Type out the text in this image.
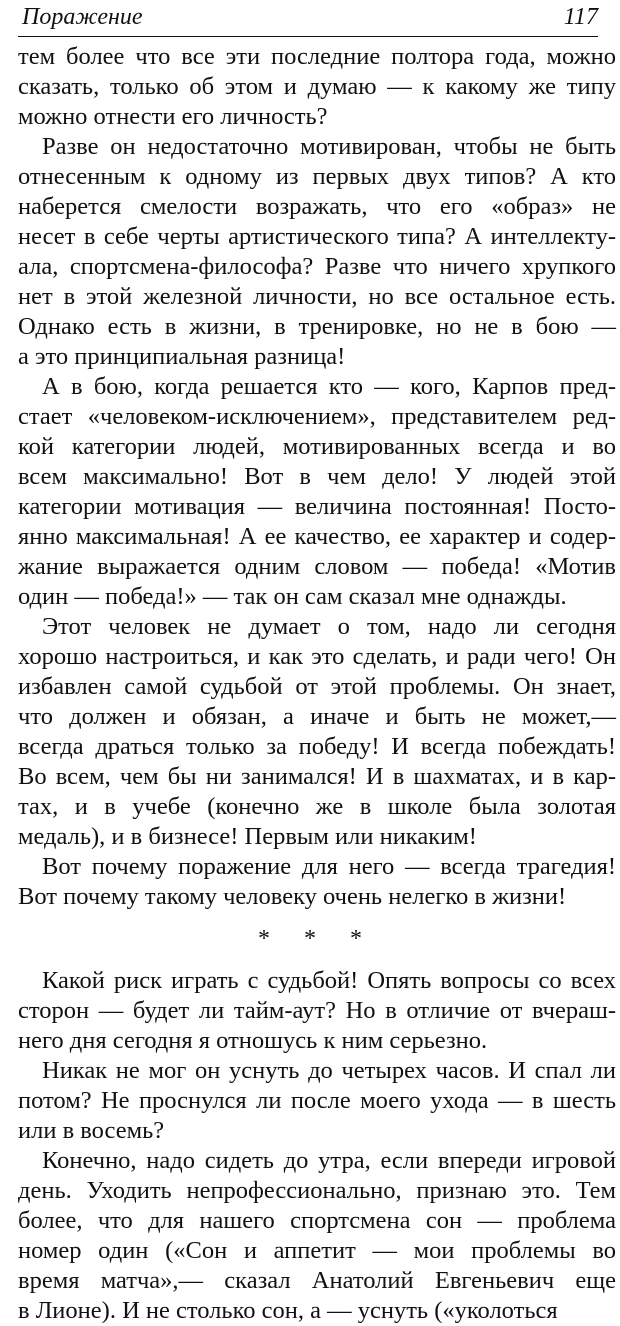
Поражение	117
тем более что все эти последние полтора года, можно
сказать, только об этом и думаю — к какому же типу
можно отнести его личность?
Разве он недостаточно мотивирован, чтобы не быть
отнесенным к одному из первых двух типов? А кто
наберется смелости возражать, что его «образ» не
несет в себе черты артистического типа? А интеллекту-
ала, спортсмена-философа? Разве что ничего хрупкого
нет в этой железной личности, но все остальное есть.
Однако есть в жизни, в тренировке, но не в бою —
а это принципиальная разница!
А в бою, когда решается кто — кого, Карпов пред-
стает «человеком-исключением», представителем ред-
кой категории людей, мотивированных всегда и во
всем максимально! Вот в чем дело! У людей этой
категории мотивация — величина постоянная! Посто-
янно максимальная! А ее качество, ее характер и содер-
жание выражается одним словом — победа! «Мотив
один — победа!» — так он сам сказал мне однажды.
Этот человек не думает о том, надо ли сегодня
хорошо настроиться, и как это сделать, и ради чего! Он
избавлен самой судьбой от этой проблемы. Он знает,
что должен и обязан, а иначе и быть не может,—
всегда драться только за победу! И всегда побеждать!
Во всем, чем бы ни занимался! И в шахматах, и в кар-
тах, и в учебе (конечно же в школе была золотая
медаль), и в бизнесе! Первым или никаким!
Вот почему поражение для него — всегда трагедия!
Вот почему такому человеку очень нелегко в жизни!
* * *
Какой риск играть с судьбой! Опять вопросы со всех
сторон — будет ли тайм-аут? Но в отличие от вчераш-
него дня сегодня я отношусь к ним серьезно.
Никак не мог он уснуть до четырех часов. И спал ли
потом? Не проснулся ли после моего ухода — в шесть
или в восемь?
Конечно, надо сидеть до утра, если впереди игровой
день. Уходить непрофессионально, признаю это. Тем
более, что для нашего спортсмена сон — проблема
номер один («Сон и аппетит — мои проблемы во
время матча»,— сказал Анатолий Евгеньевич еще
в Лионе). И не столько сон, а — уснуть («уколоться
